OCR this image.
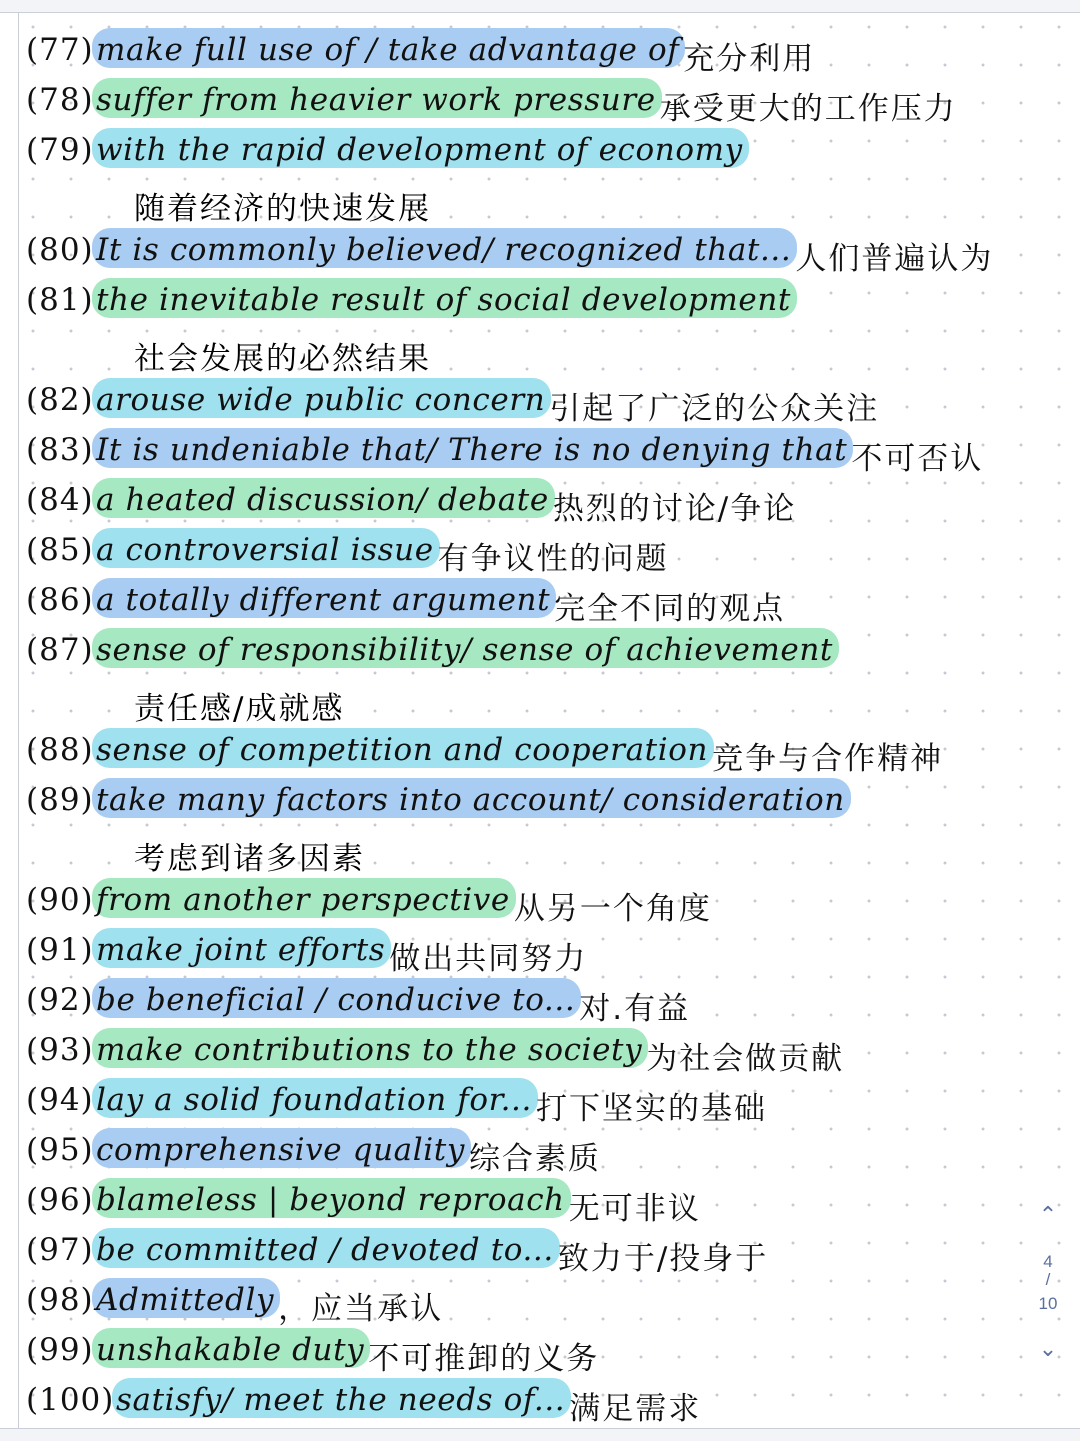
(77) make full use of / take advantage of 充分利用
(78) suffer from heavier work pressure 承受更大的工作压力
(79) with the rapid development of economy
随着经济的快速发展
(80) It is commonly believed/ recognized that... 人们普遍认为
(81) the inevitable result of social development
社会发展的必然结果
(82) arouse wide public concern 引起了广泛的公众关注
(83) It is undeniable that/ There is no denying that 不可否认
(84) a heated discussion/ debate 热烈的讨论/争论
(85) a controversial issue 有争议性的问题
(86) a totally different argument 完全不同的观点
(87) sense of responsibility/ sense of achievement
责任感/成就感
(88) sense of competition and cooperation 竞争与合作精神
(89) take many factors into account/ consideration
考虑到诸多因素
(90) from another perspective 从另一个角度
(91) make joint efforts 做出共同努力
(92) be beneficial / conducive to... 对.有益
(93) make contributions to the society 为社会做贡献
(94) lay a solid foundation for... 打下坚实的基础
(95) comprehensive quality 综合素质
(96) blameless | beyond reproach 无可非议
(97) be committed / devoted to... 致力于/投身于
(98) Admittedly ，应当承认
(99) unshakable duty 不可推卸的义务
(100) satisfy/ meet the needs of... 满足需求
⌃
4
/
10
⌄
